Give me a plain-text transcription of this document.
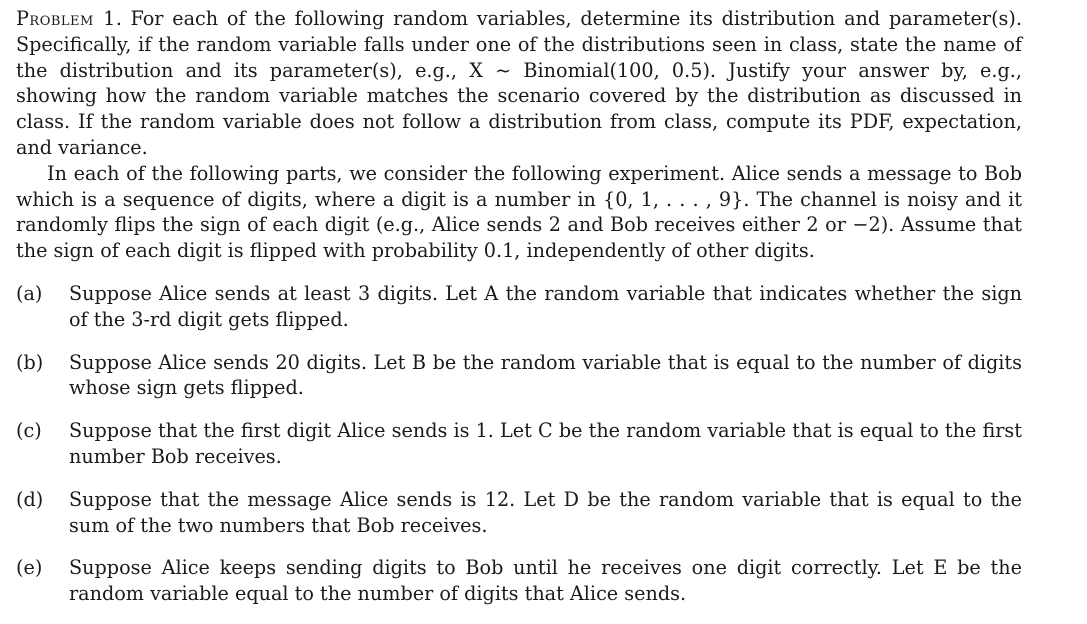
Problem 1. For each of the following random variables, determine its distribution and parameter(s). Specifically, if the random variable falls under one of the distributions seen in class, state the name of the distribution and its parameter(s), e.g., X ∼ Binomial(100, 0.5). Justify your answer by, e.g., showing how the random variable matches the scenario covered by the distribution as discussed in class. If the random variable does not follow a distribution from class, compute its PDF, expectation, and variance.

In each of the following parts, we consider the following experiment. Alice sends a message to Bob which is a sequence of digits, where a digit is a number in {0, 1, . . . , 9}. The channel is noisy and it randomly flips the sign of each digit (e.g., Alice sends 2 and Bob receives either 2 or −2). Assume that the sign of each digit is flipped with probability 0.1, independently of other digits.

(a)	Suppose Alice sends at least 3 digits. Let A the random variable that indicates whether the sign of the 3-rd digit gets flipped.
(b)	Suppose Alice sends 20 digits. Let B be the random variable that is equal to the number of digits whose sign gets flipped.
(c)	Suppose that the first digit Alice sends is 1. Let C be the random variable that is equal to the first number Bob receives.
(d)	Suppose that the message Alice sends is 12. Let D be the random variable that is equal to the sum of the two numbers that Bob receives.
(e)	Suppose Alice keeps sending digits to Bob until he receives one digit correctly. Let E be the random variable equal to the number of digits that Alice sends.
